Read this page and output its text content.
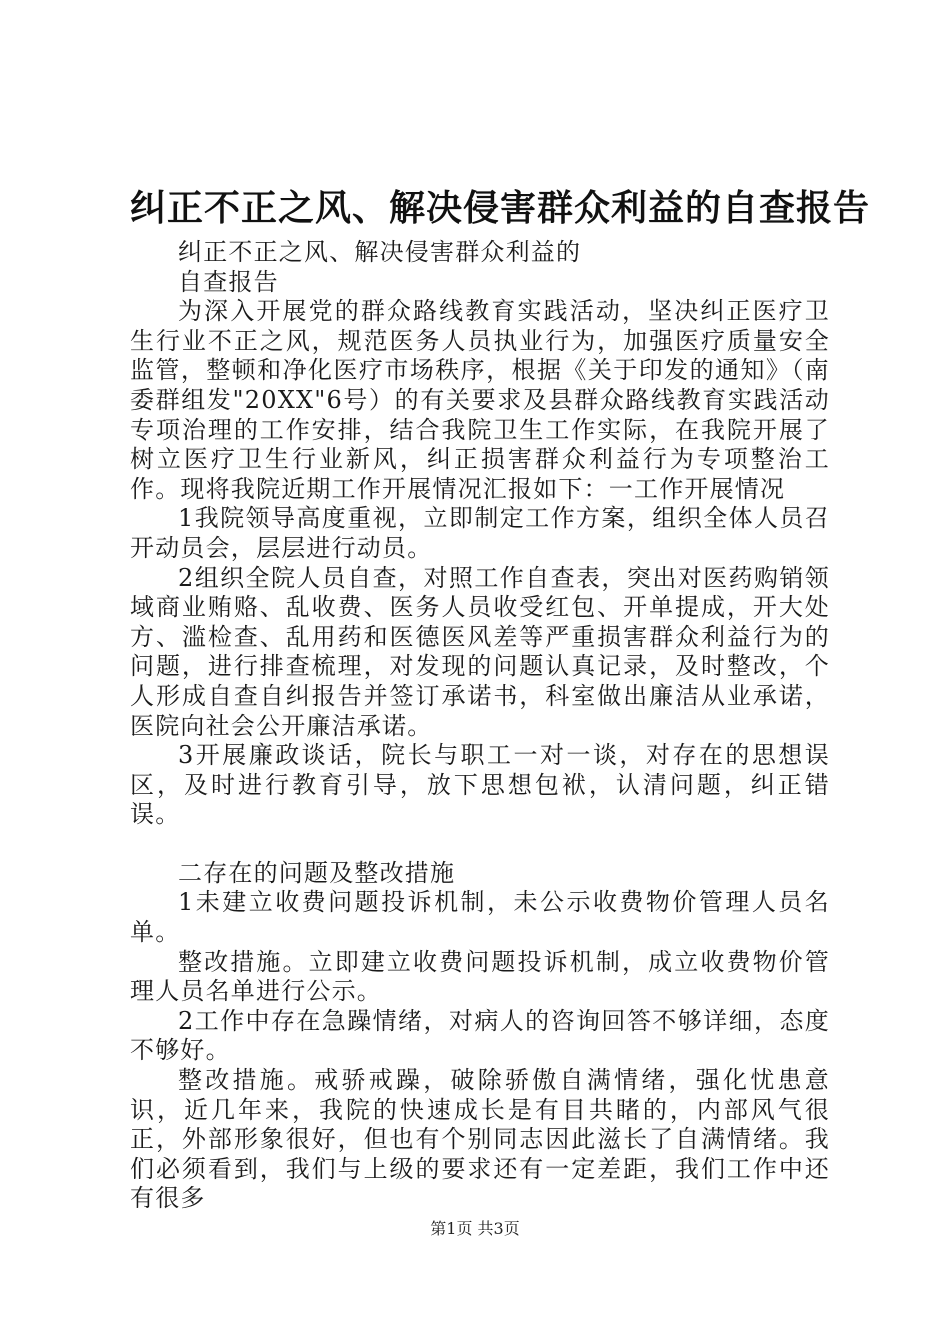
纠正不正之风、解决侵害群众利益的自查报告

纠正不正之风、解决侵害群众利益的

自查报告

为深入开展党的群众路线教育实践活动，坚决纠正医疗卫生行业不正之风，规范医务人员执业行为，加强医疗质量安全监管，整顿和净化医疗市场秩序，根据《关于印发的通知》（南委群组发"20XX"6号）的有关要求及县群众路线教育实践活动专项治理的工作安排，结合我院卫生工作实际，在我院开展了树立医疗卫生行业新风，纠正损害群众利益行为专项整治工作。现将我院近期工作开展情况汇报如下：一工作开展情况

1我院领导高度重视，立即制定工作方案，组织全体人员召开动员会，层层进行动员。

2组织全院人员自查，对照工作自查表，突出对医药购销领域商业贿赂、乱收费、医务人员收受红包、开单提成，开大处方、滥检查、乱用药和医德医风差等严重损害群众利益行为的问题，进行排查梳理，对发现的问题认真记录，及时整改，个人形成自查自纠报告并签订承诺书，科室做出廉洁从业承诺，医院向社会公开廉洁承诺。

3开展廉政谈话，院长与职工一对一谈，对存在的思想误区，及时进行教育引导，放下思想包袱，认清问题，纠正错误。

二存在的问题及整改措施

1未建立收费问题投诉机制，未公示收费物价管理人员名单。

整改措施。立即建立收费问题投诉机制，成立收费物价管理人员名单进行公示。

2工作中存在急躁情绪，对病人的咨询回答不够详细，态度不够好。

整改措施。戒骄戒躁，破除骄傲自满情绪，强化忧患意识，近几年来，我院的快速成长是有目共睹的，内部风气很正，外部形象很好，但也有个别同志因此滋长了自满情绪。我们必须看到，我们与上级的要求还有一定差距，我们工作中还有很多

第1页 共3页
